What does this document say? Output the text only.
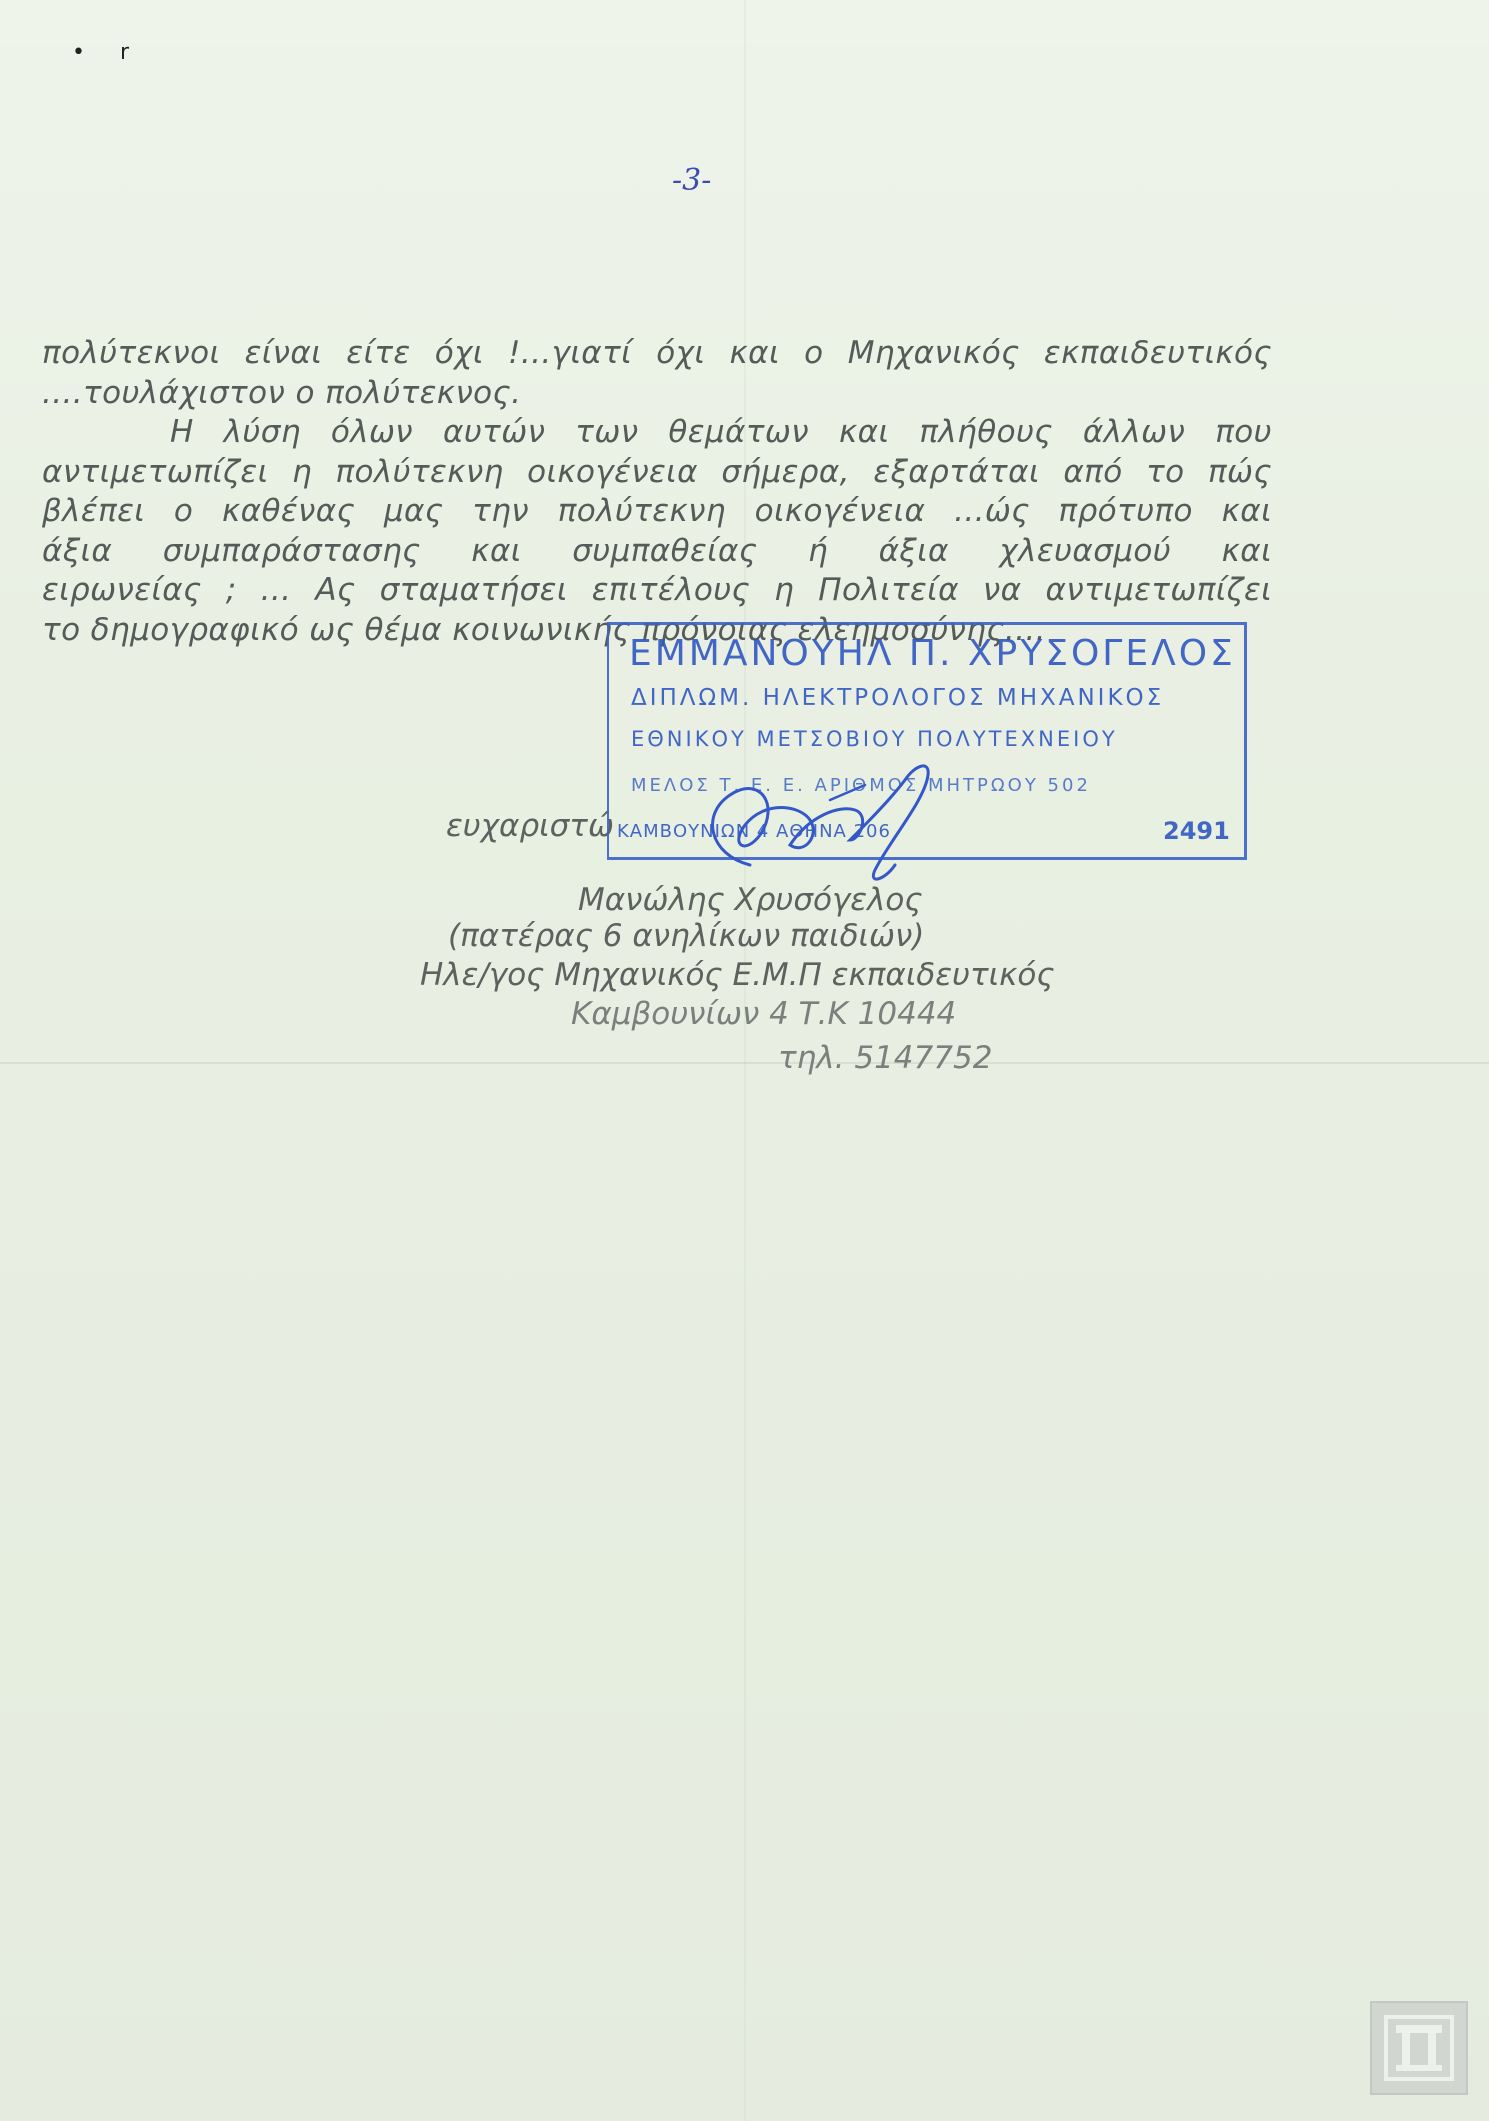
• r
-3-
πολύτεκνοι είναι είτε όχι !...γιατί όχι και ο Μηχανικός εκπαιδευτικός
....τουλάχιστον ο πολύτεκνος.
Η λύση όλων αυτών των θεμάτων και πλήθους άλλων που
αντιμετωπίζει η πολύτεκνη οικογένεια σήμερα, εξαρτάται από το πώς
βλέπει ο καθένας μας την πολύτεκνη οικογένεια ...ώς πρότυπο και
άξια συμπαράστασης και συμπαθείας ή άξια χλευασμού και
ειρωνείας ; ... Ας σταματήσει επιτέλους η Πολιτεία να αντιμετωπίζει
το δημογραφικό ως θέμα κοινωνικής πρόνοιας ελεημοσύνης....
ευχαριστώ
ΕΜΜΑΝΟΥΗΛ Π. ΧΡΥΣΟΓΕΛΟΣ
ΔΙΠΛΩΜ. ΗΛΕΚΤΡΟΛΟΓΟΣ ΜΗΧΑΝΙΚΟΣ
ΕΘΝΙΚΟΥ ΜΕΤΣΟΒΙΟΥ ΠΟΛΥΤΕΧΝΕΙΟΥ
ΜΕΛΟΣ Τ. Ε. Ε. ΑΡΙΘΜΟΣ ΜΗΤΡΩΟΥ 502
ΚΑΜΒΟΥΝΙΩΝ 4 ΑΘΗΝΑ 206	2491
Μανώλης Χρυσόγελος
(πατέρας 6 ανηλίκων παιδιών)
Ηλε/γος Μηχανικός Ε.Μ.Π εκπαιδευτικός
Καμβουνίων 4 Τ.Κ 10444
τηλ. 5147752
